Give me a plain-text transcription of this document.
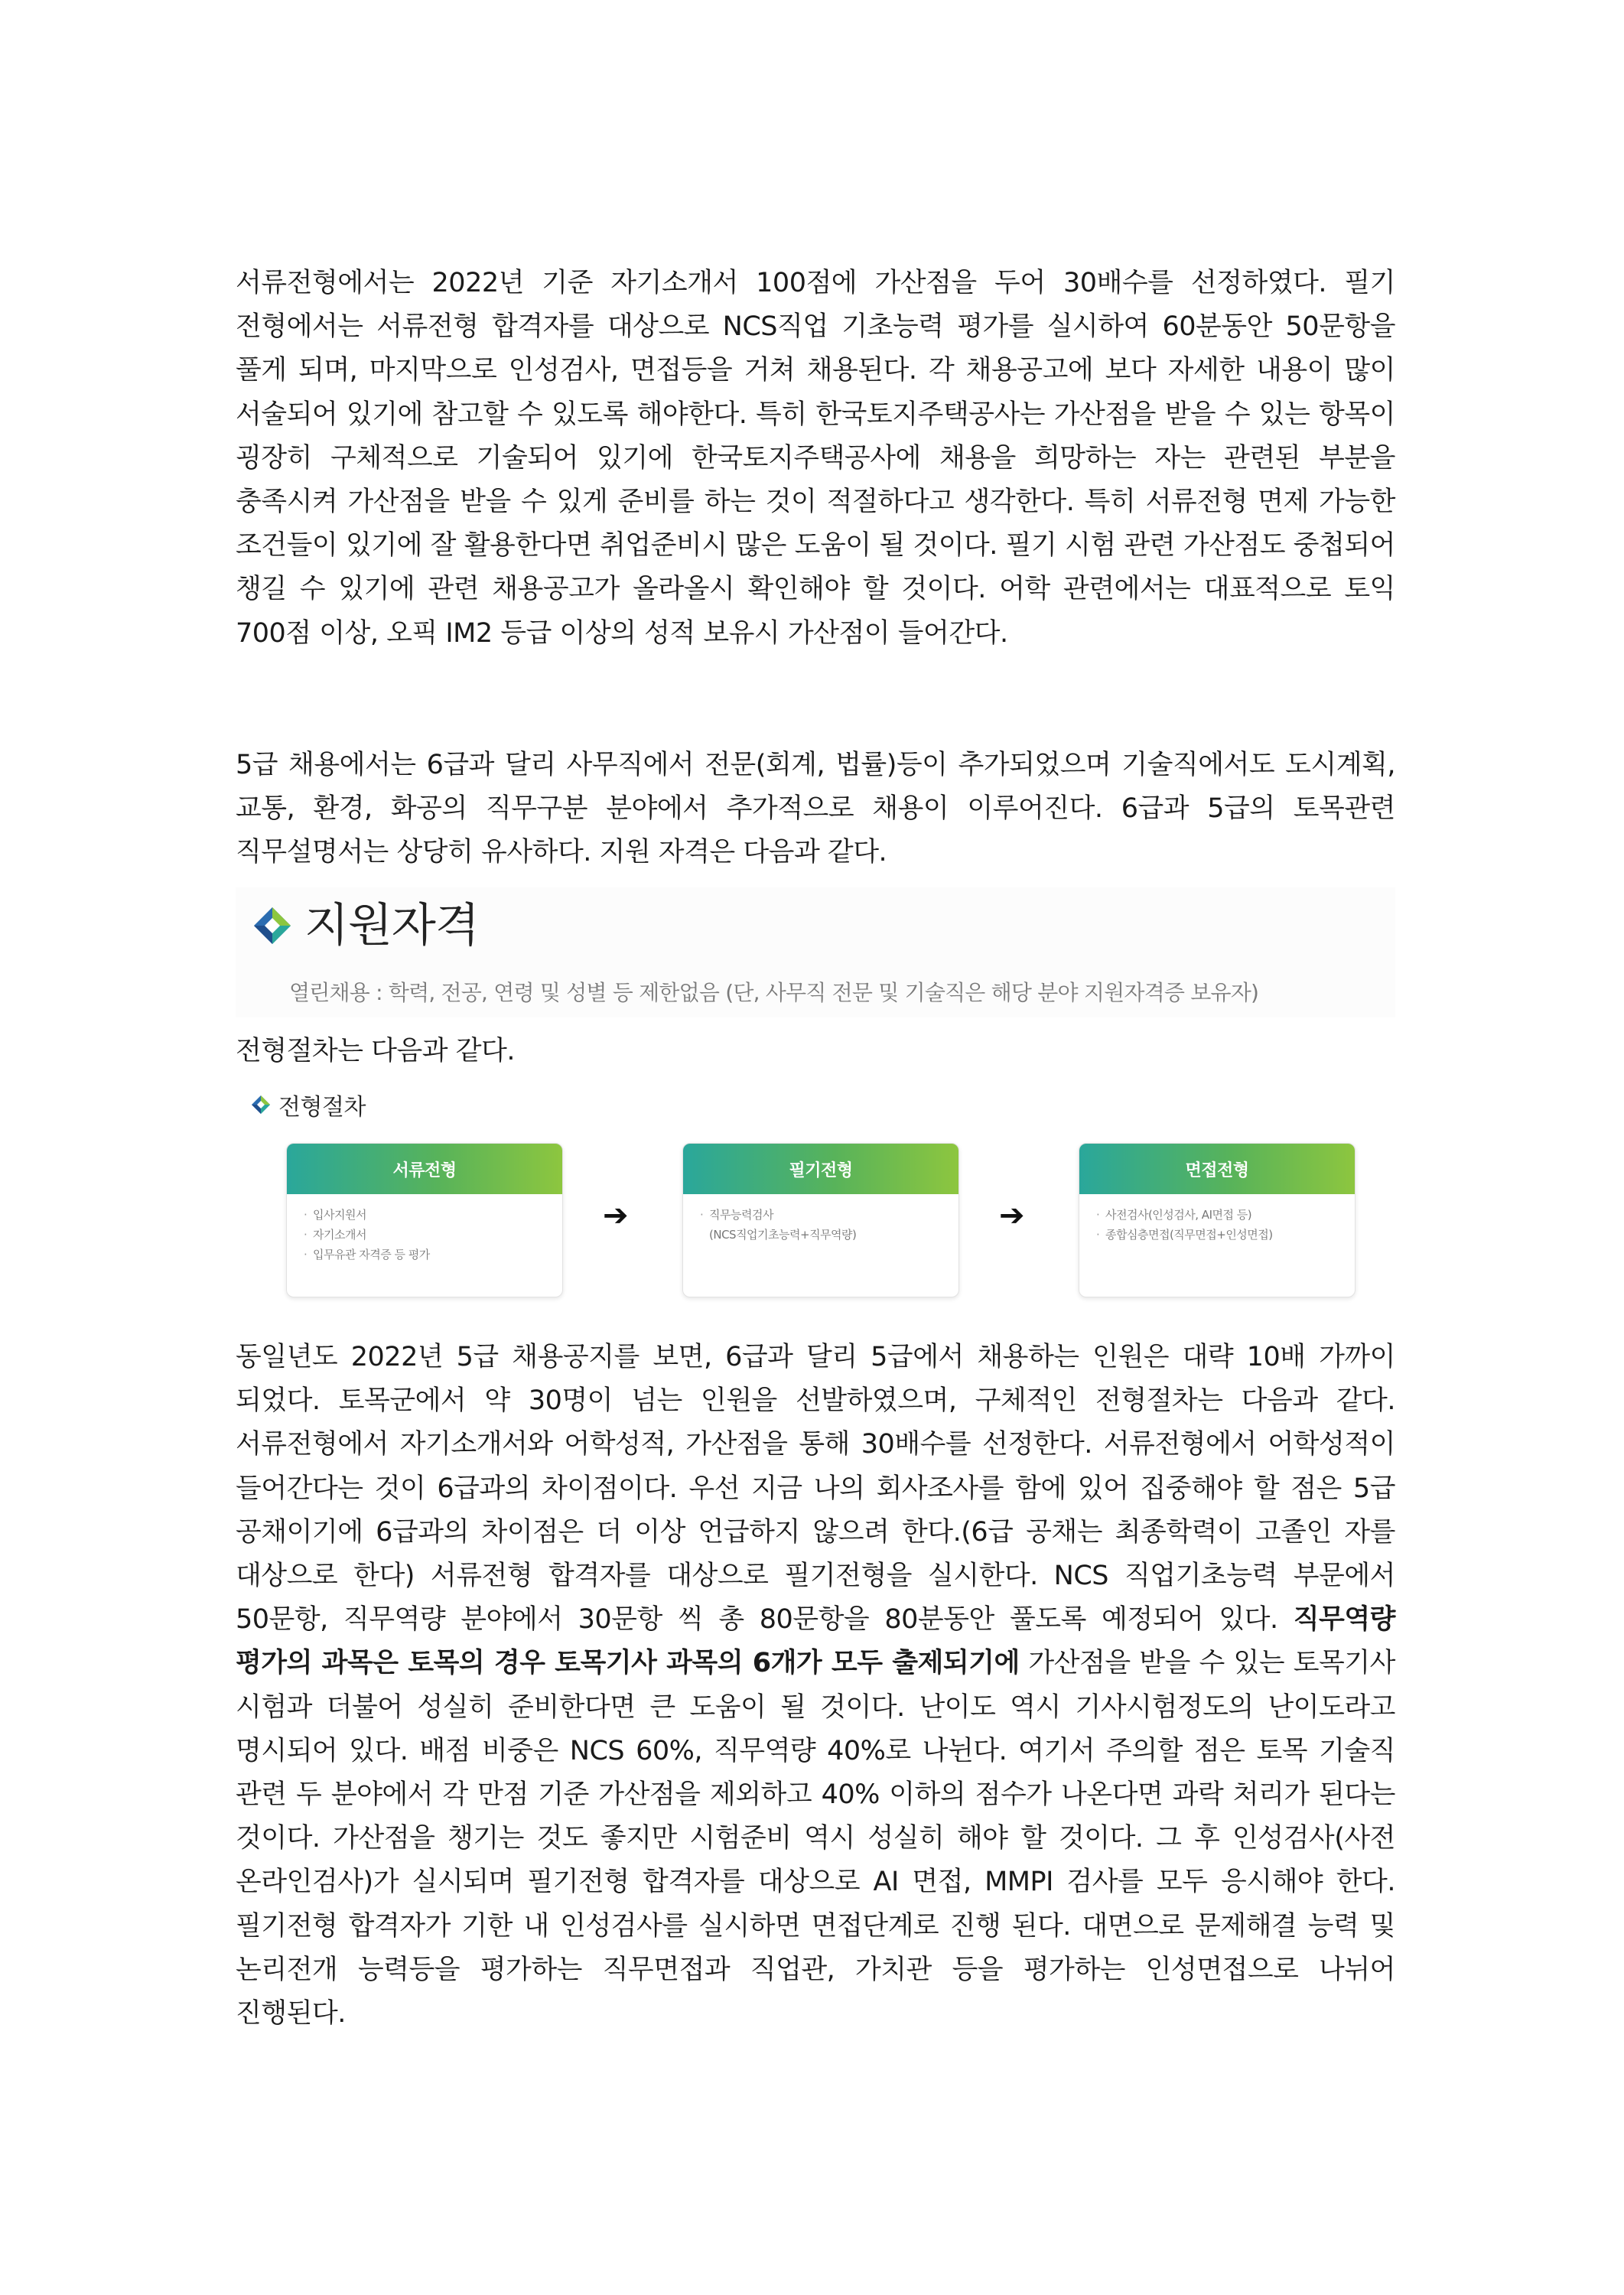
서류전형에서는 2022년 기준 자기소개서 100점에 가산점을 두어 30배수를 선정하였다. 필기 전형에서는 서류전형 합격자를 대상으로 NCS직업 기초능력 평가를 실시하여 60분동안 50문항을 풀게 되며, 마지막으로 인성검사, 면접등을 거쳐 채용된다. 각 채용공고에 보다 자세한 내용이 많이 서술되어 있기에 참고할 수 있도록 해야한다. 특히 한국토지주택공사는 가산점을 받을 수 있는 항목이 굉장히 구체적으로 기술되어 있기에 한국토지주택공사에 채용을 희망하는 자는 관련된 부분을 충족시켜 가산점을 받을 수 있게 준비를 하는 것이 적절하다고 생각한다. 특히 서류전형 면제 가능한 조건들이 있기에 잘 활용한다면 취업준비시 많은 도움이 될 것이다. 필기 시험 관련 가산점도 중첩되어 챙길 수 있기에 관련 채용공고가 올라올시 확인해야 할 것이다. 어학 관련에서는 대표적으로 토익 700점 이상, 오픽 IM2 등급 이상의 성적 보유시 가산점이 들어간다.

5급 채용에서는 6급과 달리 사무직에서 전문(회계, 법률)등이 추가되었으며 기술직에서도 도시계획, 교통, 환경, 화공의 직무구분 분야에서 추가적으로 채용이 이루어진다. 6급과 5급의 토목관련 직무설명서는 상당히 유사하다. 지원 자격은 다음과 같다.

지원자격
열린채용 : 학력, 전공, 연령 및 성별 등 제한없음 (단, 사무직 전문 및 기술직은 해당 분야 지원자격증 보유자)

전형절차는 다음과 같다.

전형절차
서류전형
· 입사지원서
· 자기소개서
· 입무유관 자격증 등 평가
➔
필기전형
· 직무능력검사
(NCS직업기초능력+직무역량)
➔
면접전형
· 사전검사(인성검사, AI면접 등)
· 종합심층면접(직무면접+인성면접)

동일년도 2022년 5급 채용공지를 보면, 6급과 달리 5급에서 채용하는 인원은 대략 10배 가까이 되었다. 토목군에서 약 30명이 넘는 인원을 선발하였으며, 구체적인 전형절차는 다음과 같다. 서류전형에서 자기소개서와 어학성적, 가산점을 통해 30배수를 선정한다. 서류전형에서 어학성적이 들어간다는 것이 6급과의 차이점이다. 우선 지금 나의 회사조사를 함에 있어 집중해야 할 점은 5급 공채이기에 6급과의 차이점은 더 이상 언급하지 않으려 한다.(6급 공채는 최종학력이 고졸인 자를 대상으로 한다) 서류전형 합격자를 대상으로 필기전형을 실시한다. NCS 직업기초능력 부문에서 50문항, 직무역량 분야에서 30문항 씩 총 80문항을 80분동안 풀도록 예정되어 있다. 직무역량 평가의 과목은 토목의 경우 토목기사 과목의 6개가 모두 출제되기에 가산점을 받을 수 있는 토목기사 시험과 더불어 성실히 준비한다면 큰 도움이 될 것이다. 난이도 역시 기사시험정도의 난이도라고 명시되어 있다. 배점 비중은 NCS 60%, 직무역량 40%로 나뉜다. 여기서 주의할 점은 토목 기술직 관련 두 분야에서 각 만점 기준 가산점을 제외하고 40% 이하의 점수가 나온다면 과락 처리가 된다는 것이다. 가산점을 챙기는 것도 좋지만 시험준비 역시 성실히 해야 할 것이다. 그 후 인성검사(사전 온라인검사)가 실시되며 필기전형 합격자를 대상으로 AI 면접, MMPI 검사를 모두 응시해야 한다. 필기전형 합격자가 기한 내 인성검사를 실시하면 면접단계로 진행 된다. 대면으로 문제해결 능력 및 논리전개 능력등을 평가하는 직무면접과 직업관, 가치관 등을 평가하는 인성면접으로 나뉘어 진행된다.
